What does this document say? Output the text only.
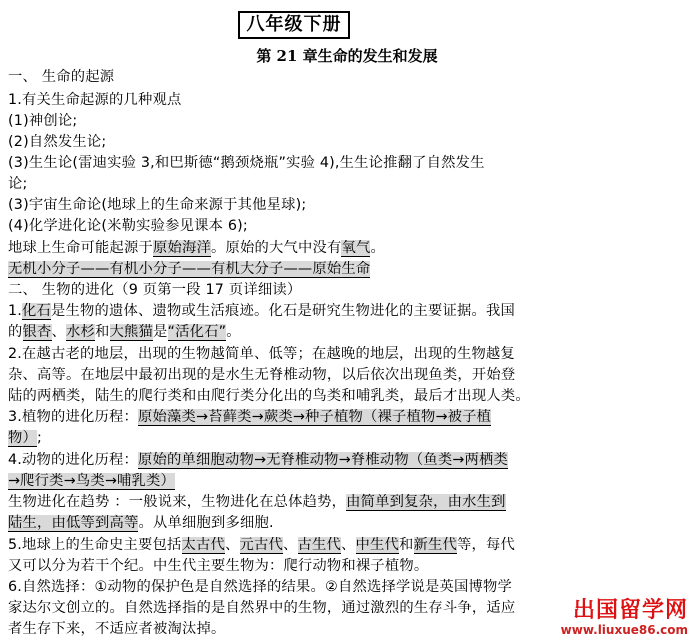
八年级下册
第 21 章生命的发生和发展
一、 生命的起源
1.有关生命起源的几种观点
(1)神创论;
(2)自然发生论;
(3)生生论(雷迪实验 3,和巴斯德“鹅颈烧瓶”实验 4),生生论推翻了自然发生
论;
(3)宇宙生命论(地球上的生命来源于其他星球);
(4)化学进化论(米勒实验参见课本 6);
地球上生命可能起源于原始海洋。原始的大气中没有氧气。
无机小分子——有机小分子——有机大分子——原始生命
二、 生物的进化（9 页第一段 17 页详细读）
1.化石是生物的遗体、遗物或生活痕迹。化石是研究生物进化的主要证据。我国
的银杏、水杉和大熊猫是“活化石”。
2.在越古老的地层，出现的生物越简单、低等；在越晚的地层，出现的生物越复
杂、高等。在地层中最初出现的是水生无脊椎动物，以后依次出现鱼类，开始登
陆的两栖类，陆生的爬行类和由爬行类分化出的鸟类和哺乳类，最后才出现人类。
3.植物的进化历程：原始藻类→苔藓类→蕨类→种子植物（裸子植物→被子植
物）;
4.动物的进化历程：原始的单细胞动物→无脊椎动物→脊椎动物（鱼类→两栖类
→爬行类→鸟类→哺乳类）
生物进化在趋势 ：一般说来，生物进化在总体趋势，由简单到复杂，由水生到
陆生，由低等到高等。从单细胞到多细胞.
5.地球上的生命史主要包括太古代、元古代、古生代、中生代和新生代等，每代
又可以分为若干个纪。中生代主要生物为：爬行动物和裸子植物。
6.自然选择：①动物的保护色是自然选择的结果。②自然选择学说是英国博物学
家达尔文创立的。自然选择指的是自然界中的生物，通过激烈的生存斗争，适应
者生存下来，不适应者被淘汰掉。
出国留学网
www.liuxue86.com
